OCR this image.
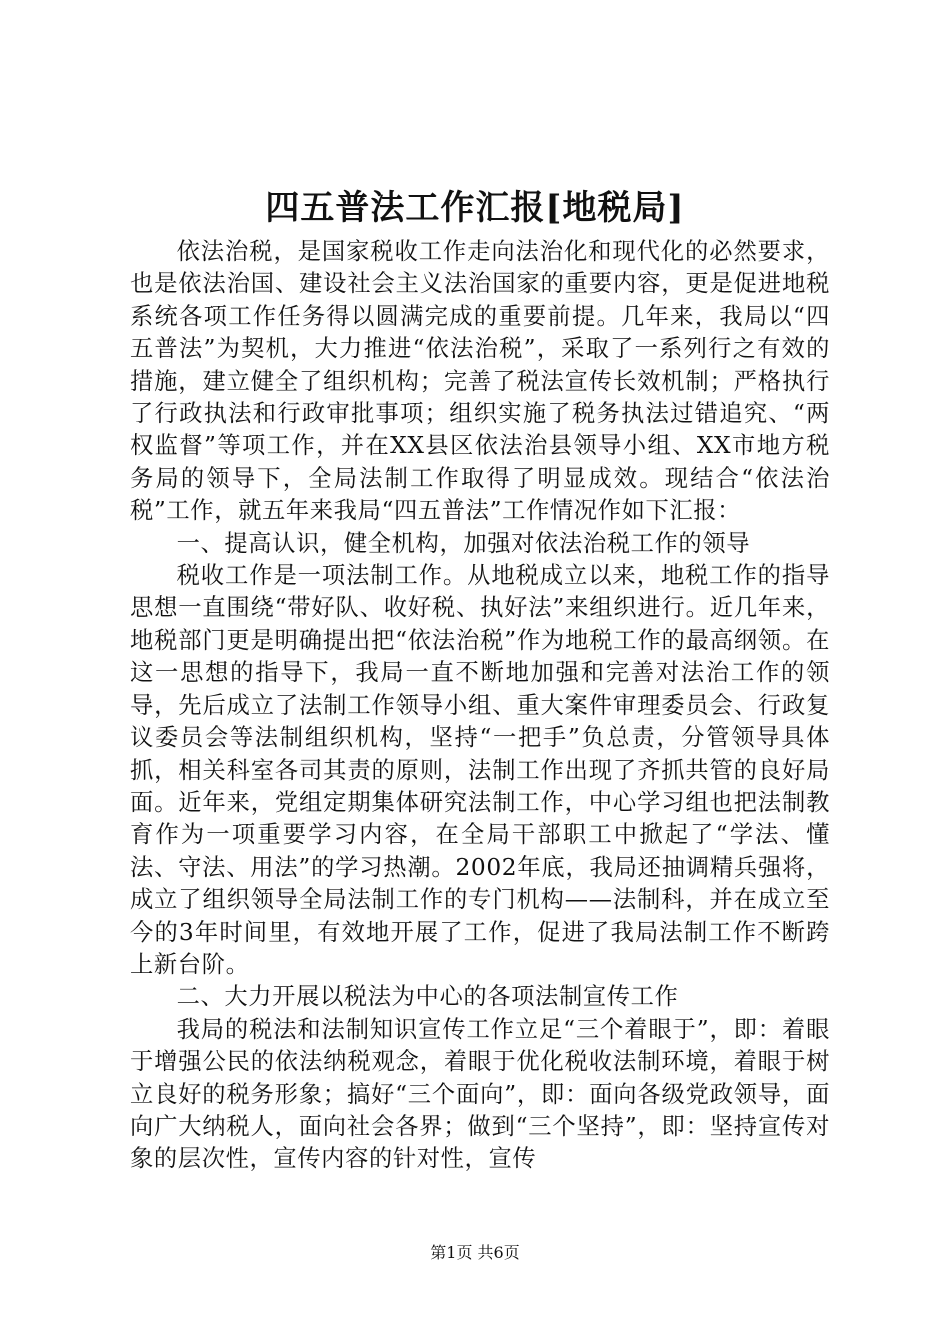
四五普法工作汇报[地税局]

依法治税，是国家税收工作走向法治化和现代化的必然要求，也是依法治国、建设社会主义法治国家的重要内容，更是促进地税系统各项工作任务得以圆满完成的重要前提。几年来，我局以“四五普法”为契机，大力推进“依法治税”，采取了一系列行之有效的措施，建立健全了组织机构；完善了税法宣传长效机制；严格执行了行政执法和行政审批事项；组织实施了税务执法过错追究、“两权监督”等项工作，并在XX县区依法治县领导小组、XX市地方税务局的领导下，全局法制工作取得了明显成效。现结合“依法治税”工作，就五年来我局“四五普法”工作情况作如下汇报：

一、提高认识，健全机构，加强对依法治税工作的领导

税收工作是一项法制工作。从地税成立以来，地税工作的指导思想一直围绕“带好队、收好税、执好法”来组织进行。近几年来，地税部门更是明确提出把“依法治税”作为地税工作的最高纲领。在这一思想的指导下，我局一直不断地加强和完善对法治工作的领导，先后成立了法制工作领导小组、重大案件审理委员会、行政复议委员会等法制组织机构，坚持“一把手”负总责，分管领导具体抓，相关科室各司其责的原则，法制工作出现了齐抓共管的良好局面。近年来，党组定期集体研究法制工作，中心学习组也把法制教育作为一项重要学习内容，在全局干部职工中掀起了“学法、懂法、守法、用法”的学习热潮。2002年底，我局还抽调精兵强将，成立了组织领导全局法制工作的专门机构——法制科，并在成立至今的3年时间里，有效地开展了工作，促进了我局法制工作不断跨上新台阶。

二、大力开展以税法为中心的各项法制宣传工作

我局的税法和法制知识宣传工作立足“三个着眼于”，即：着眼于增强公民的依法纳税观念，着眼于优化税收法制环境，着眼于树立良好的税务形象；搞好“三个面向”，即：面向各级党政领导，面向广大纳税人，面向社会各界；做到“三个坚持”，即：坚持宣传对象的层次性，宣传内容的针对性，宣传

第1页 共6页
